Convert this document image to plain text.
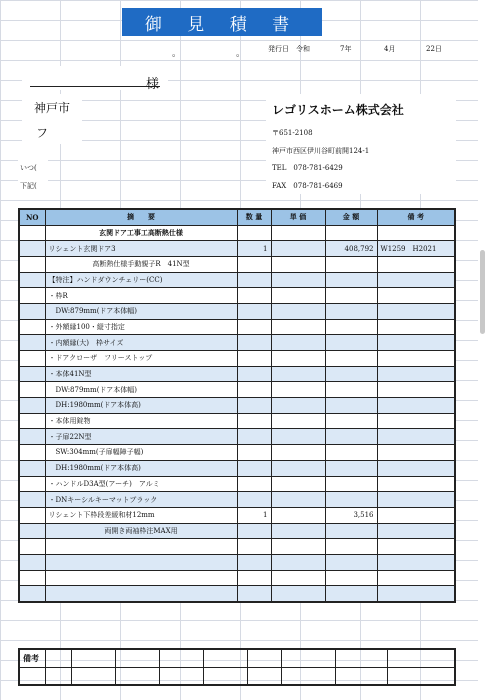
御 見 積 書
。	。	発行日 令和	7年	4月	22日
様
神戸市
フ
いつ(
下記(
レゴリスホーム株式会社
〒651-2108
神戸市西区伊川谷町前開124-1
TEL　078-781-6429
FAX　078-781-6469
NO	摘　　要	数 量	単 価	金 額	備 考
	玄関ドア工事工高断熱仕様				
	リシェント玄関ドア3	1		408,792	W1259　H2021
	高断熱仕様手動親子R　41N型				
	【特注】ハンドダウンチェリー(CC)				
	・枠R				
	　DW:879mm(ドア本体幅)				
	・外額縁100・縦寸指定				
	・内額縁(大)　枠サイズ				
	・ドアクローザ　フリーストップ				
	・本体41N型				
	　DW:879mm(ドア本体幅)				
	　DH:1980mm(ドア本体高)				
	・本体用錠物				
	・子扉22N型				
	　SW:304mm(子扉幅障子幅)				
	　DH:1980mm(ドア本体高)				
	・ハンドルD3A型(アーチ)　アルミ				
	・DNキーシルキーマットブラック				
	リシェント下枠段差緩和材12mm	1		3,516	
	両開き両袖枠注MAX用				

備考									
